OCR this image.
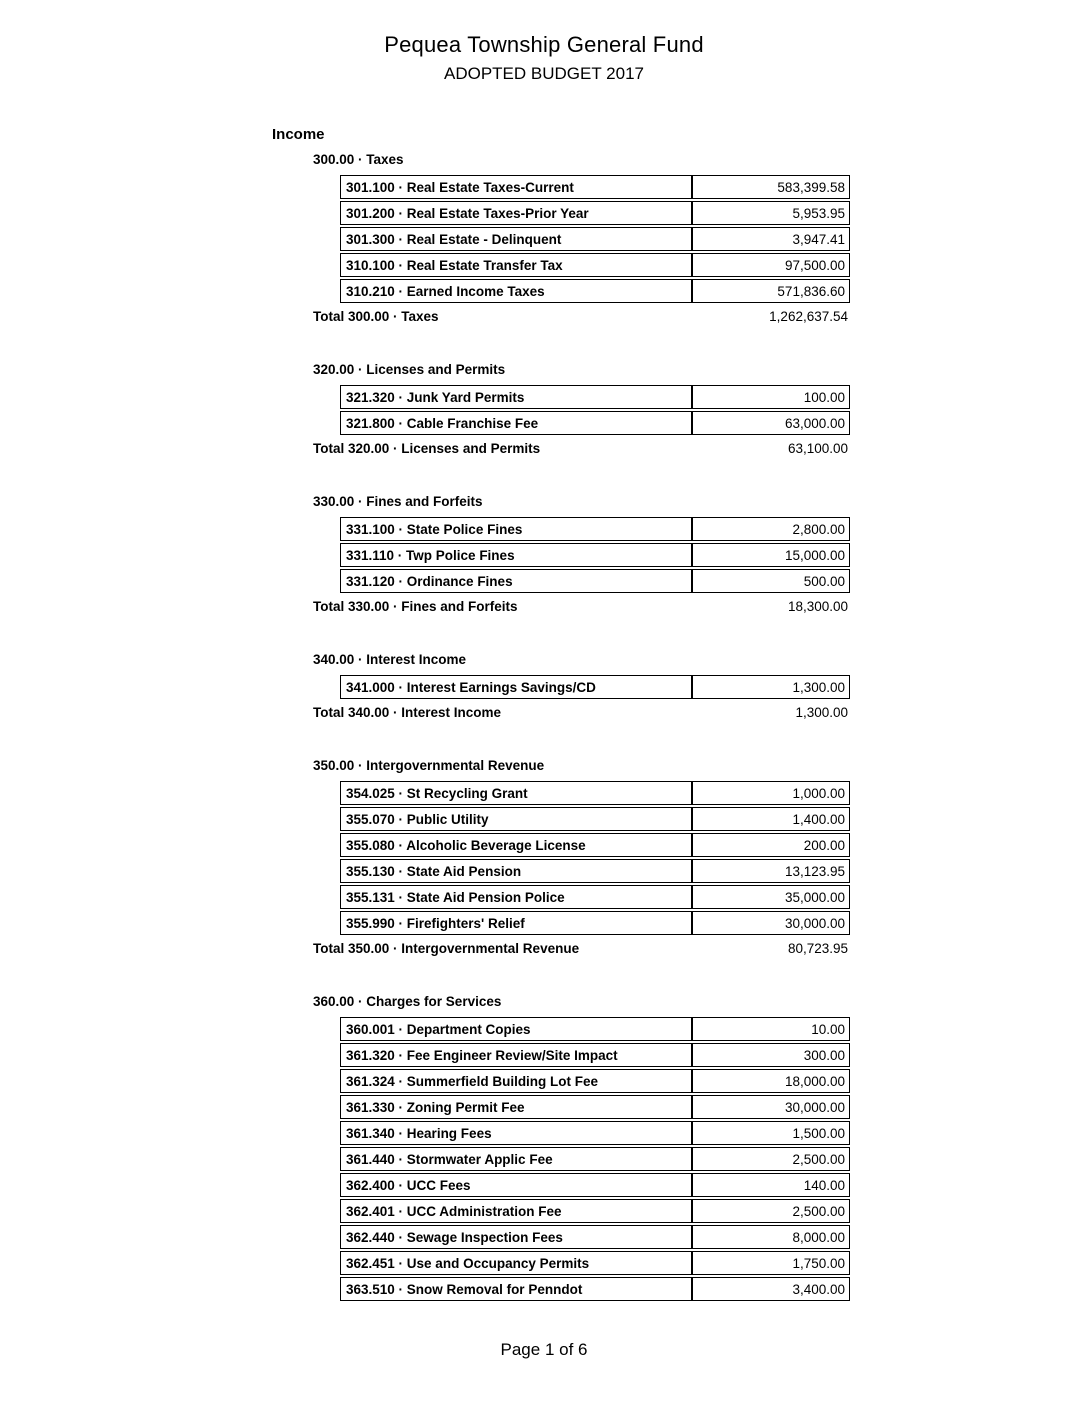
Pequea Township General Fund
ADOPTED BUDGET 2017
Income
300.00 · Taxes
301.100 · Real Estate Taxes-Current	583,399.58
301.200 · Real Estate Taxes-Prior Year	5,953.95
301.300 · Real Estate - Delinquent	3,947.41
310.100 · Real Estate Transfer Tax	97,500.00
310.210 · Earned Income Taxes	571,836.60
Total 300.00 · Taxes	1,262,637.54
320.00 · Licenses and Permits
321.320 · Junk Yard Permits	100.00
321.800 · Cable Franchise Fee	63,000.00
Total 320.00 · Licenses and Permits	63,100.00
330.00 · Fines and Forfeits
331.100 · State Police Fines	2,800.00
331.110 · Twp Police Fines	15,000.00
331.120 · Ordinance Fines	500.00
Total 330.00 · Fines and Forfeits	18,300.00
340.00 · Interest Income
341.000 · Interest Earnings Savings/CD	1,300.00
Total 340.00 · Interest Income	1,300.00
350.00 · Intergovernmental Revenue
354.025 · St Recycling Grant	1,000.00
355.070 · Public Utility	1,400.00
355.080 · Alcoholic Beverage License	200.00
355.130 · State Aid Pension	13,123.95
355.131 · State Aid Pension Police	35,000.00
355.990 · Firefighters' Relief	30,000.00
Total 350.00 · Intergovernmental Revenue	80,723.95
360.00 · Charges for Services
360.001 · Department Copies	10.00
361.320 · Fee Engineer Review/Site Impact	300.00
361.324 · Summerfield Building Lot Fee	18,000.00
361.330 · Zoning Permit Fee	30,000.00
361.340 · Hearing Fees	1,500.00
361.440 · Stormwater Applic Fee	2,500.00
362.400 · UCC Fees	140.00
362.401 · UCC Administration Fee	2,500.00
362.440 · Sewage Inspection Fees	8,000.00
362.451 · Use and Occupancy Permits	1,750.00
363.510 · Snow Removal for Penndot	3,400.00
Page 1 of 6
